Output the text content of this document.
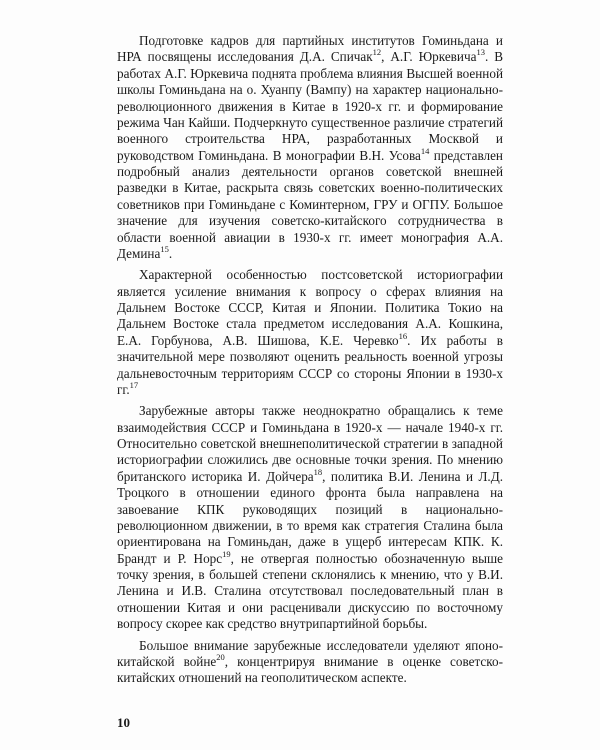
Подготовке кадров для партийных институтов Гоминьдана и НРА посвящены исследования Д.А. Спичак$^{12}$, А.Г. Юркевича$^{13}$. В работах А.Г. Юркевича поднята проблема влияния Высшей военной школы Гоминьдана на о. Хуанпу (Вампу) на характер национально-революционного движения в Китае в 1920-х гг. и формирование режима Чан Кайши. Подчеркнуто существенное различие стратегий военного строительства НРА, разработанных Москвой и руководством Гоминьдана. В монографии В.Н. Усова$^{14}$ представлен подробный анализ деятельности органов советской внешней разведки в Китае, раскрыта связь советских военно-политических советников при Гоминьдане с Коминтерном, ГРУ и ОГПУ. Большое значение для изучения советско-китайского сотрудничества в области военной авиации в 1930-х гг. имеет монография А.А. Демина$^{15}$.

Характерной особенностью постсоветской историографии является усиление внимания к вопросу о сферах влияния на Дальнем Востоке СССР, Китая и Японии. Политика Токио на Дальнем Востоке стала предметом исследования А.А. Кошкина, Е.А. Горбунова, А.В. Шишова, К.Е. Черевко$^{16}$. Их работы в значительной мере позволяют оценить реальность военной угрозы дальневосточным территориям СССР со стороны Японии в 1930-х гг.$^{17}$

Зарубежные авторы также неоднократно обращались к теме взаимодействия СССР и Гоминьдана в 1920-х — начале 1940-х гг. Относительно советской внешнеполитической стратегии в западной историографии сложились две основные точки зрения. По мнению британского историка И. Дойчера$^{18}$, политика В.И. Ленина и Л.Д. Троцкого в отношении единого фронта была направлена на завоевание КПК руководящих позиций в национально-революционном движении, в то время как стратегия Сталина была ориентирована на Гоминьдан, даже в ущерб интересам КПК. К. Брандт и Р. Норс$^{19}$, не отвергая полностью обозначенную выше точку зрения, в большей степени склонялись к мнению, что у В.И. Ленина и И.В. Сталина отсутствовал последовательный план в отношении Китая и они расценивали дискуссию по восточному вопросу скорее как средство внутрипартийной борьбы.

Большое внимание зарубежные исследователи уделяют японо-китайской войне$^{20}$, концентрируя внимание в оценке советско-китайских отношений на геополитическом аспекте.

10
